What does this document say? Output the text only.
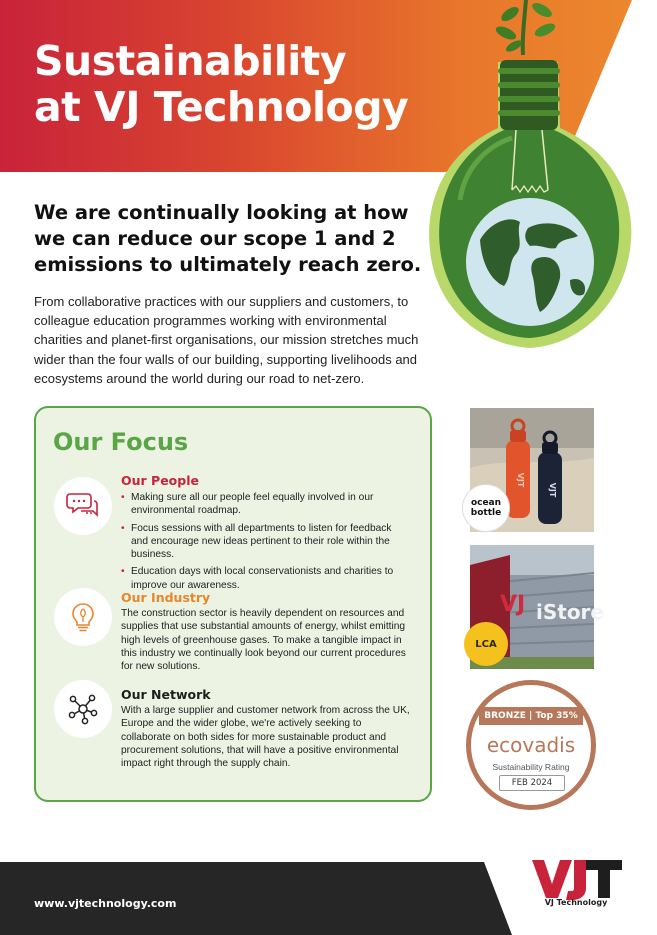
Sustainability
at VJ Technology

We are continually looking at how we can reduce our scope 1 and 2 emissions to ultimately reach zero.

From collaborative practices with our suppliers and customers, to colleague education programmes working with environmental charities and planet-first organisations, our mission stretches much wider than the four walls of our building, supporting livelihoods and ecosystems around the world during our road to net-zero.

Our Focus
Our People
• Making sure all our people feel equally involved in our environmental roadmap.
• Focus sessions with all departments to listen for feedback and encourage new ideas pertinent to their role within the business.
• Education days with local conservationists and charities to improve our awareness.
Our Industry

The construction sector is heavily dependent on resources and supplies that use substantial amounts of energy, whilst emitting high levels of greenhouse gases. To make a tangible impact in this industry we continually look beyond our current procedures for new solutions.

Our Network

With a large supplier and customer network from across the UK, Europe and the wider globe, we're actively seeking to collaborate on both sides for more sustainable product and procurement solutions, that will have a positive environmental impact right through the supply chain.

VJT
VJT
ocean bottle
VJ iStore
LCA
BRONZE | Top 35%
ecovadis
Sustainability Rating
FEB 2024
www.vjtechnology.com	VJ Technology
